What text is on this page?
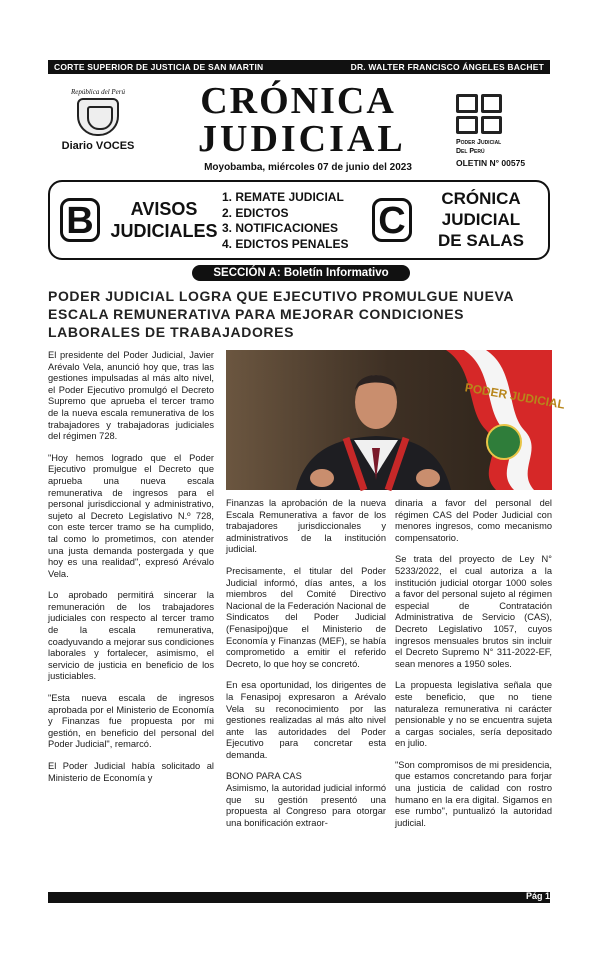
CORTE SUPERIOR DE JUSTICIA DE SAN MARTIN	DR. WALTER FRANCISCO ÁNGELES BACHET
República del Perú
Diario VOCES
CRÓNICA
JUDICIAL
Moyobamba, miércoles 07 de junio del 2023
Poder Judicial
Del Perú
OLETIN N° 00575
B	AVISOS
JUDICIALES
1. REMATE JUDICIAL
2. EDICTOS
3. NOTIFICACIONES
4. EDICTOS PENALES
C
CRÓNICA
JUDICIAL
DE SALAS
SECCIÓN A: Boletín Informativo
PODER JUDICIAL LOGRA QUE EJECUTIVO PROMULGUE NUEVA ESCALA REMUNERATIVA PARA MEJORAR CONDICIONES LABORALES DE TRABAJADORES

El presidente del Poder Judicial, Javier Arévalo Vela, anunció hoy que, tras las gestiones impulsadas al más alto nivel, el Poder Ejecutivo promulgó el Decreto Supremo que aprueba el tercer tramo de la nueva escala remunerativa de los trabajadores y trabajadoras judiciales del régimen 728.

"Hoy hemos logrado que el Poder Ejecutivo promulgue el Decreto que aprueba una nueva escala remunerativa de ingresos para el personal jurisdiccional y administrativo, sujeto al Decreto Legislativo N.º 728, con este tercer tramo se ha cumplido, tal como lo prometimos, con atender una justa demanda postergada y que hoy es una realidad", expresó Arévalo Vela.

Lo aprobado permitirá sincerar la remuneración de los trabajadores judiciales con respecto al tercer tramo de la escala remunerativa, coadyuvando a mejorar sus condiciones laborales y fortalecer, asimismo, el servicio de justicia en beneficio de los justiciables.

"Esta nueva escala de ingresos aprobada por el Ministerio de Economía y Finanzas fue propuesta por mi gestión, en beneficio del personal del Poder Judicial", remarcó.

El Poder Judicial había solicitado al Ministerio de Economía y

PODER JUDICIAL

Finanzas la aprobación de la nueva Escala Remunerativa a favor de los trabajadores jurisdiccionales y administrativos de la institución judicial.

Precisamente, el titular del Poder Judicial informó, días antes, a los miembros del Comité Directivo Nacional de la Federación Nacional de Sindicatos del Poder Judicial (Fenasipoj)que el Ministerio de Economía y Finanzas (MEF), se había comprometido a emitir el referido Decreto, lo que hoy se concretó.

En esa oportunidad, los dirigentes de la Fenasipoj expresaron a Arévalo Vela su reconocimiento por las gestiones realizadas al más alto nivel ante las autoridades del Poder Ejecutivo para concretar esta demanda.

BONO PARA CAS

Asimismo, la autoridad judicial informó que su gestión presentó una propuesta al Congreso para otorgar una bonificación extraor-

dinaria a favor del personal del régimen CAS del Poder Judicial con menores ingresos, como mecanismo compensatorio.

Se trata del proyecto de Ley N° 5233/2022, el cual autoriza a la institución judicial otorgar 1000 soles a favor del personal sujeto al régimen especial de Contratación Administrativa de Servicio (CAS), Decreto Legislativo 1057, cuyos ingresos mensuales brutos sin incluir el Decreto Supremo N° 311-2022-EF, sean menores a 1950 soles.

La propuesta legislativa señala que este beneficio, que no tiene naturaleza remunerativa ni carácter pensionable y no se encuentra sujeta a cargas sociales, sería depositado en julio.

"Son compromisos de mi presidencia, que estamos concretando para forjar una justicia de calidad con rostro humano en la era digital. Sigamos en ese rumbo", puntualizó la autoridad judicial.

Pág 1
